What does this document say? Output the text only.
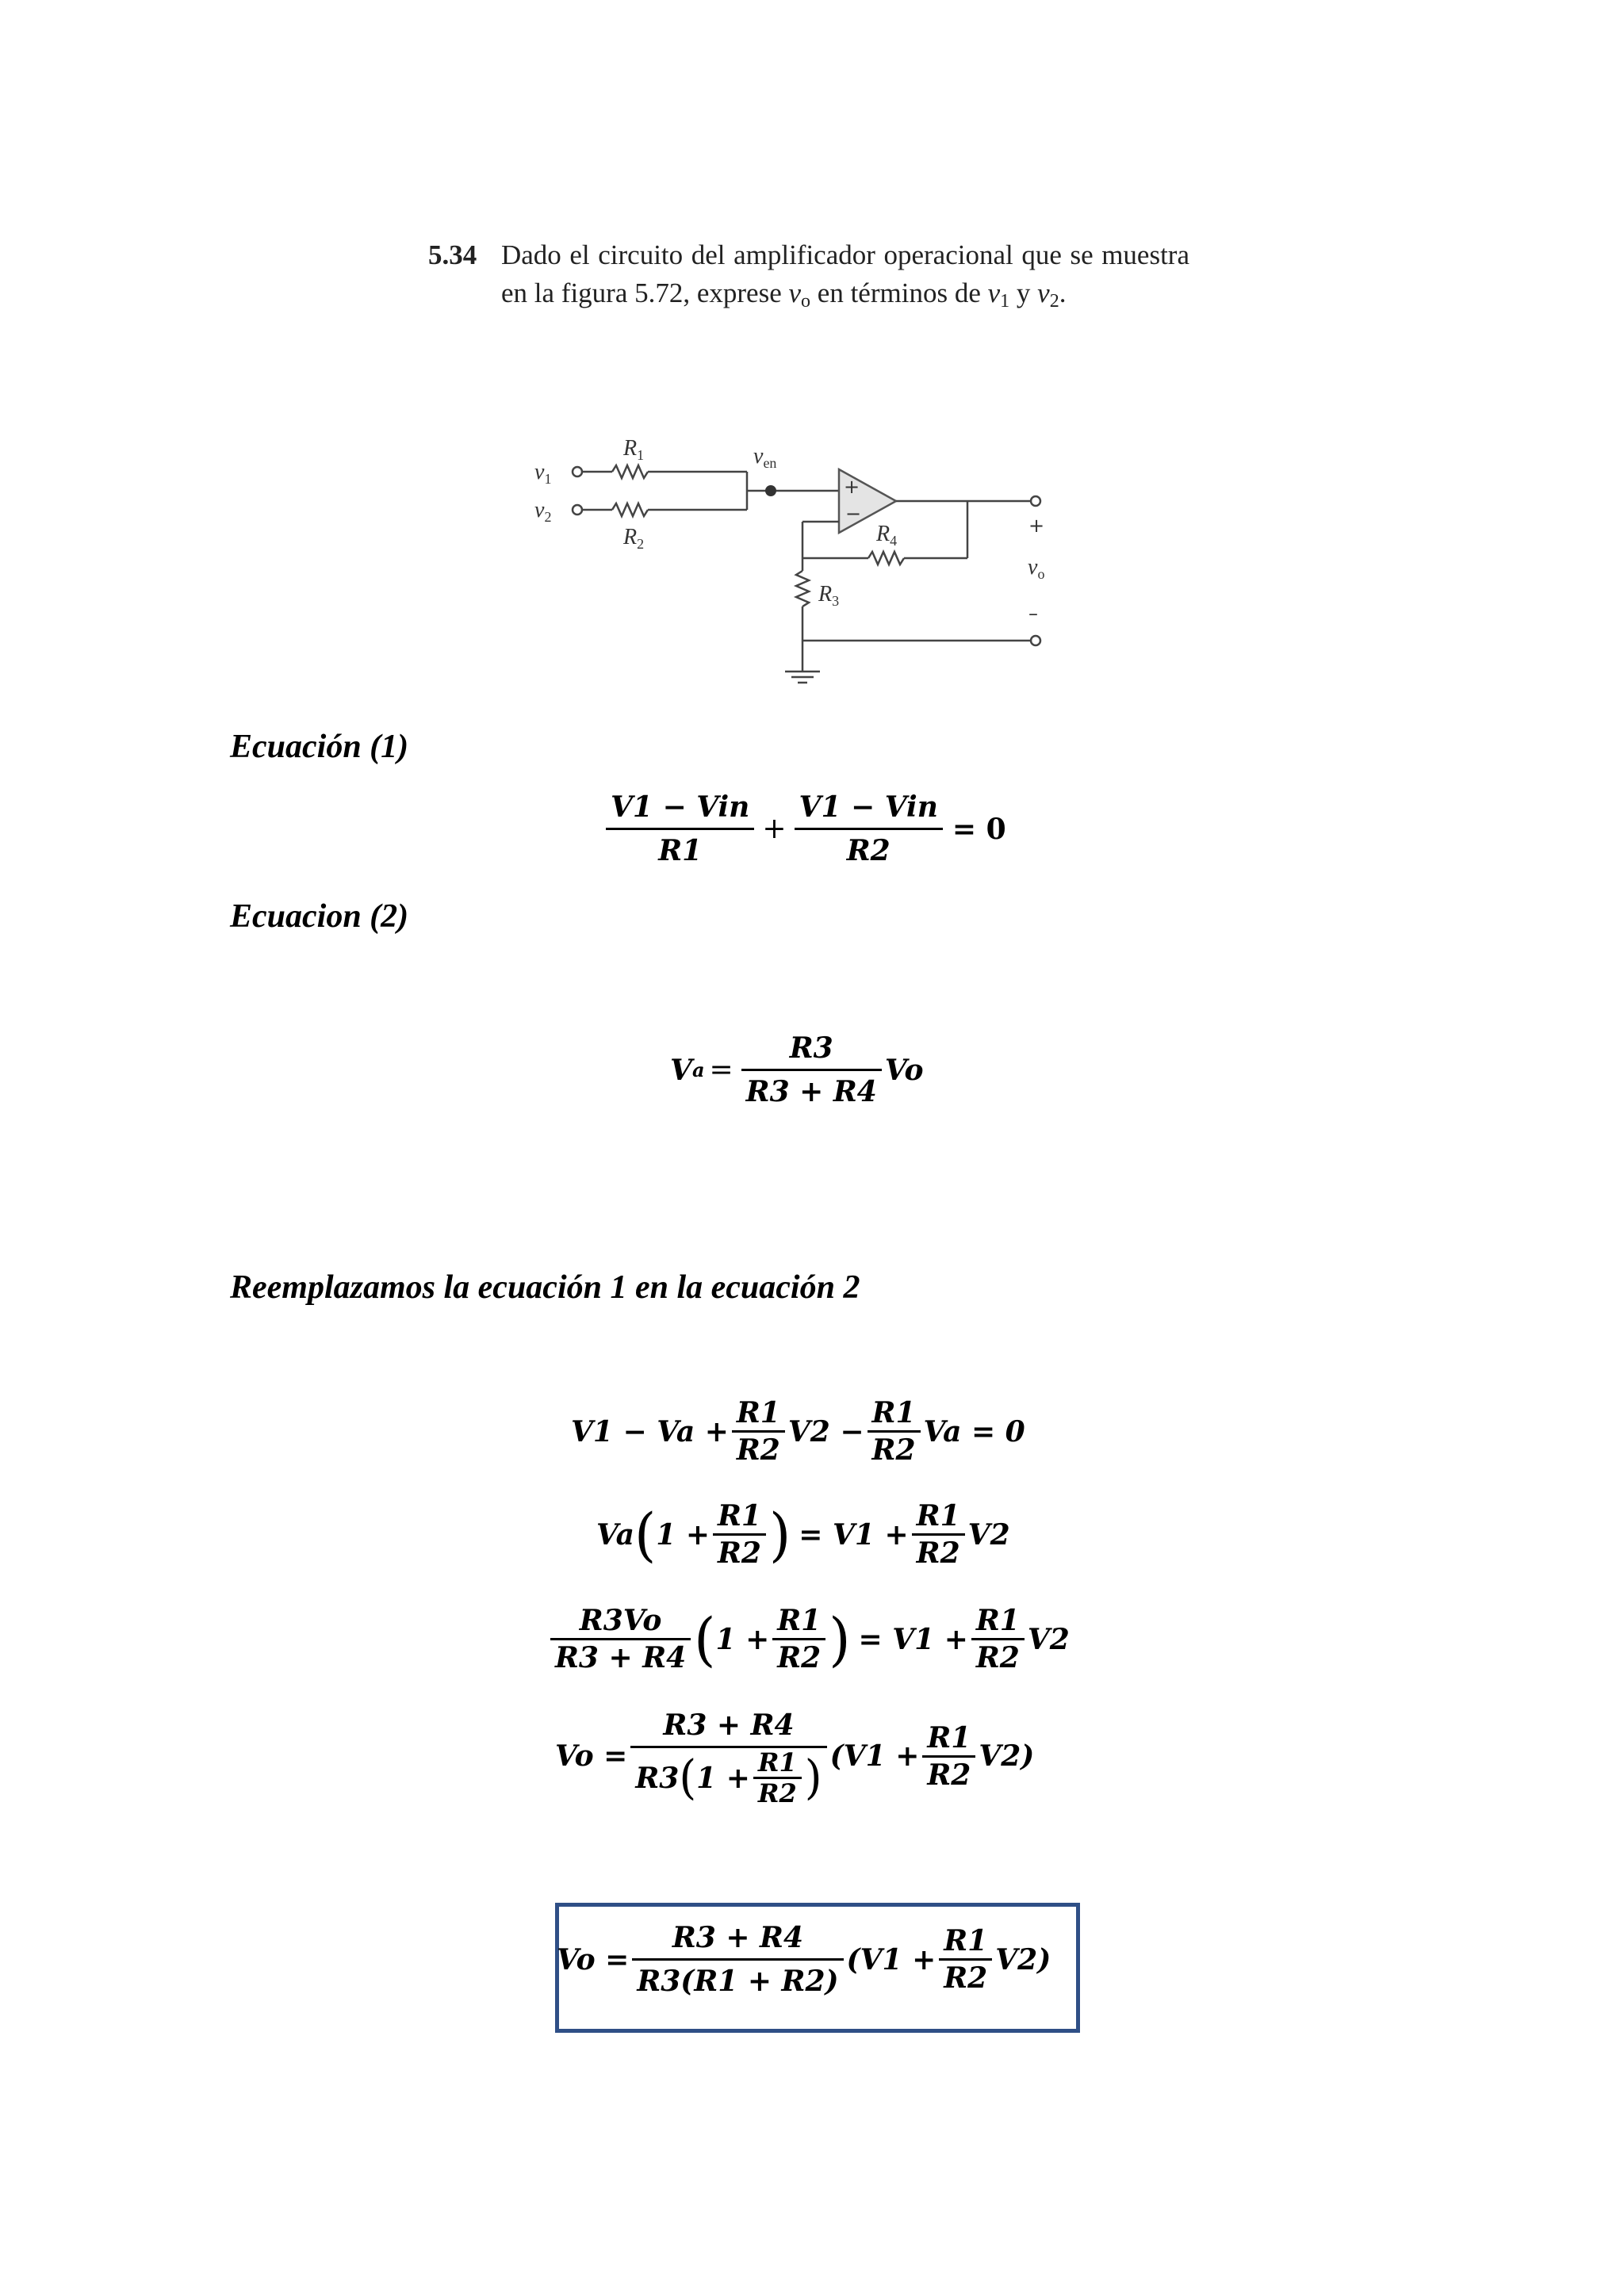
5.34 Dado el circuito del amplificador operacional que se muestra en la figura 5.72, exprese $v_o$ en términos de $v_1$ y $v_2$.
$v_1$
$v_2$
$R_1$
$R_2$
$v_{en}$
$R_4$
$R_3$
$v_o$
+
−
+
–
Ecuación (1)
$\frac{\text{V1 − Vin}}{R1} + \frac{\text{V1 − Vin}}{R2} = 0$
Ecuacion (2)
V $a = \frac{R3}{R3 + R4}$ Vo
Reemplazamos la ecuación 1 en la ecuación 2
$V1 - Va + \frac{R1}{R2} V2 - \frac{R1}{R2}$ Va = 0
Va ( $1 + \frac{R1}{R2}$ ) = $V1 + \frac{R1}{R2} V2$
$\frac{R3Vo}{R3 + R4}$ ( $1 + \frac{R1}{R2}$ ) = $V1 + \frac{R1}{R2} V2$
$Vo = \frac{R3 + R4}{R3 ( 1 + \frac{R1}{R2} )} (V1 + \frac{R1}{R2} V2)$
$Vo = \frac{R3 + R4}{R3(R1 + R2)} (V1 + \frac{R1}{R2} V2)$
